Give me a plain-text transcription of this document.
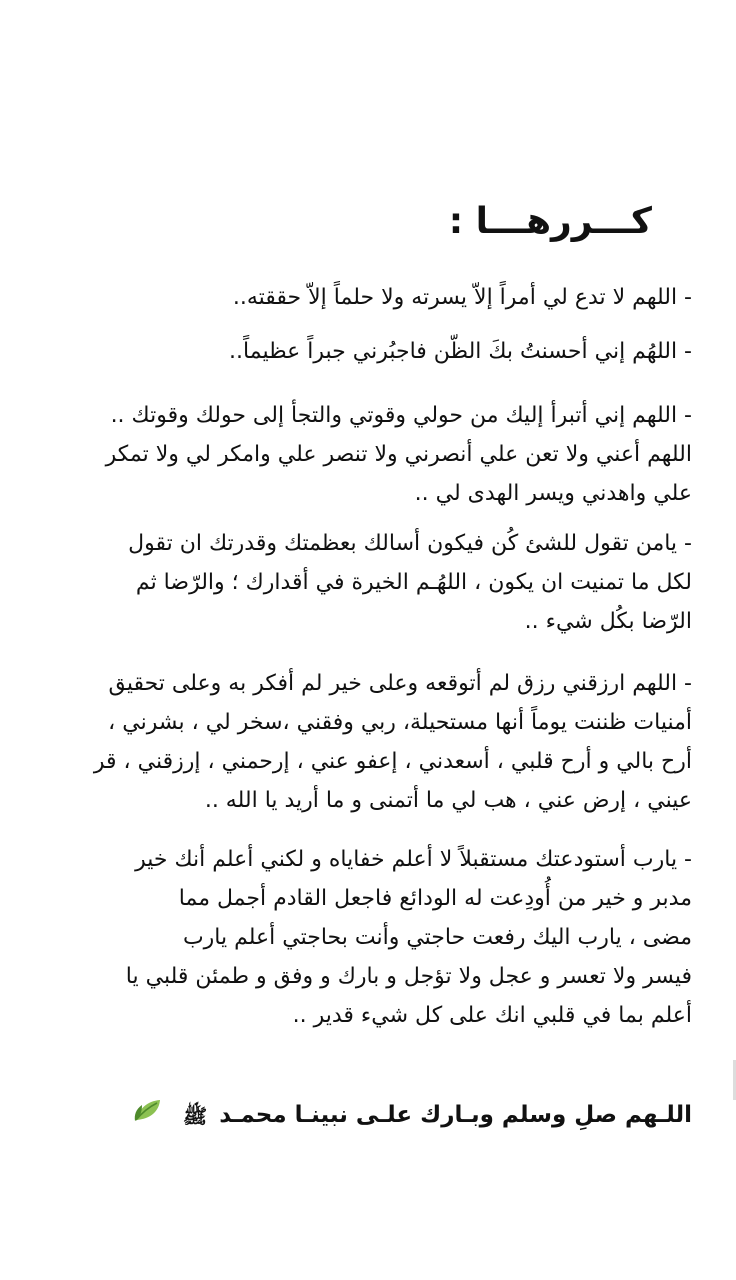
كـــررهـــا :
- اللهم لا تدع لي أمراً إلاّ يسرته ولا حلماً إلاّ حققته..
- اللهُم إني أحسنتُ بكَ الظّن فاجبُرني جبراً عظيماً..
- اللهم إني أتبرأ إليك من حولي وقوتي والتجأ إلى حولك وقوتك ..
اللهم أعني ولا تعن علي أنصرني ولا تنصر علي وامكر لي ولا تمكر
علي واهدني ويسر الهدى لي ..
- يامن تقول للشئ كُن فيكون أسالك بعظمتك وقدرتك ان تقول
لكل ما تمنيت ان يكون ، اللهُـم الخيرة في أقدارك ؛ والرّضا ثم
الرّضا بكُل شيء ..
- اللهم ارزقني رزق لم أتوقعه وعلى خير لم أفكر به وعلى تحقيق
أمنيات ظننت يوماً أنها مستحيلة، ربي وفقني ،سخر لي ، بشرني ،
أرح بالي و أرح قلبي ، أسعدني ، إعفو عني ، إرحمني ، إرزقني ، قر
عيني ، إرض عني ، هب لي ما أتمنى و ما أريد يا الله ..
- يارب أستودعتك مستقبلاً لا أعلم خفاياه و لكني أعلم أنك خير
مدبر و خير من أُودِعت له الودائع فاجعل القادم أجمل مما
مضى ، يارب اليك رفعت حاجتي وأنت بحاجتي أعلم يارب
فيسر ولا تعسر و عجل ولا تؤجل و بارك و وفق و طمئن قلبي يا
أعلم بما في قلبي انك على كل شيء قدير ..
اللـهم صلِ وسلم وبـارك علـى نبينـا محمـد ﷺ
